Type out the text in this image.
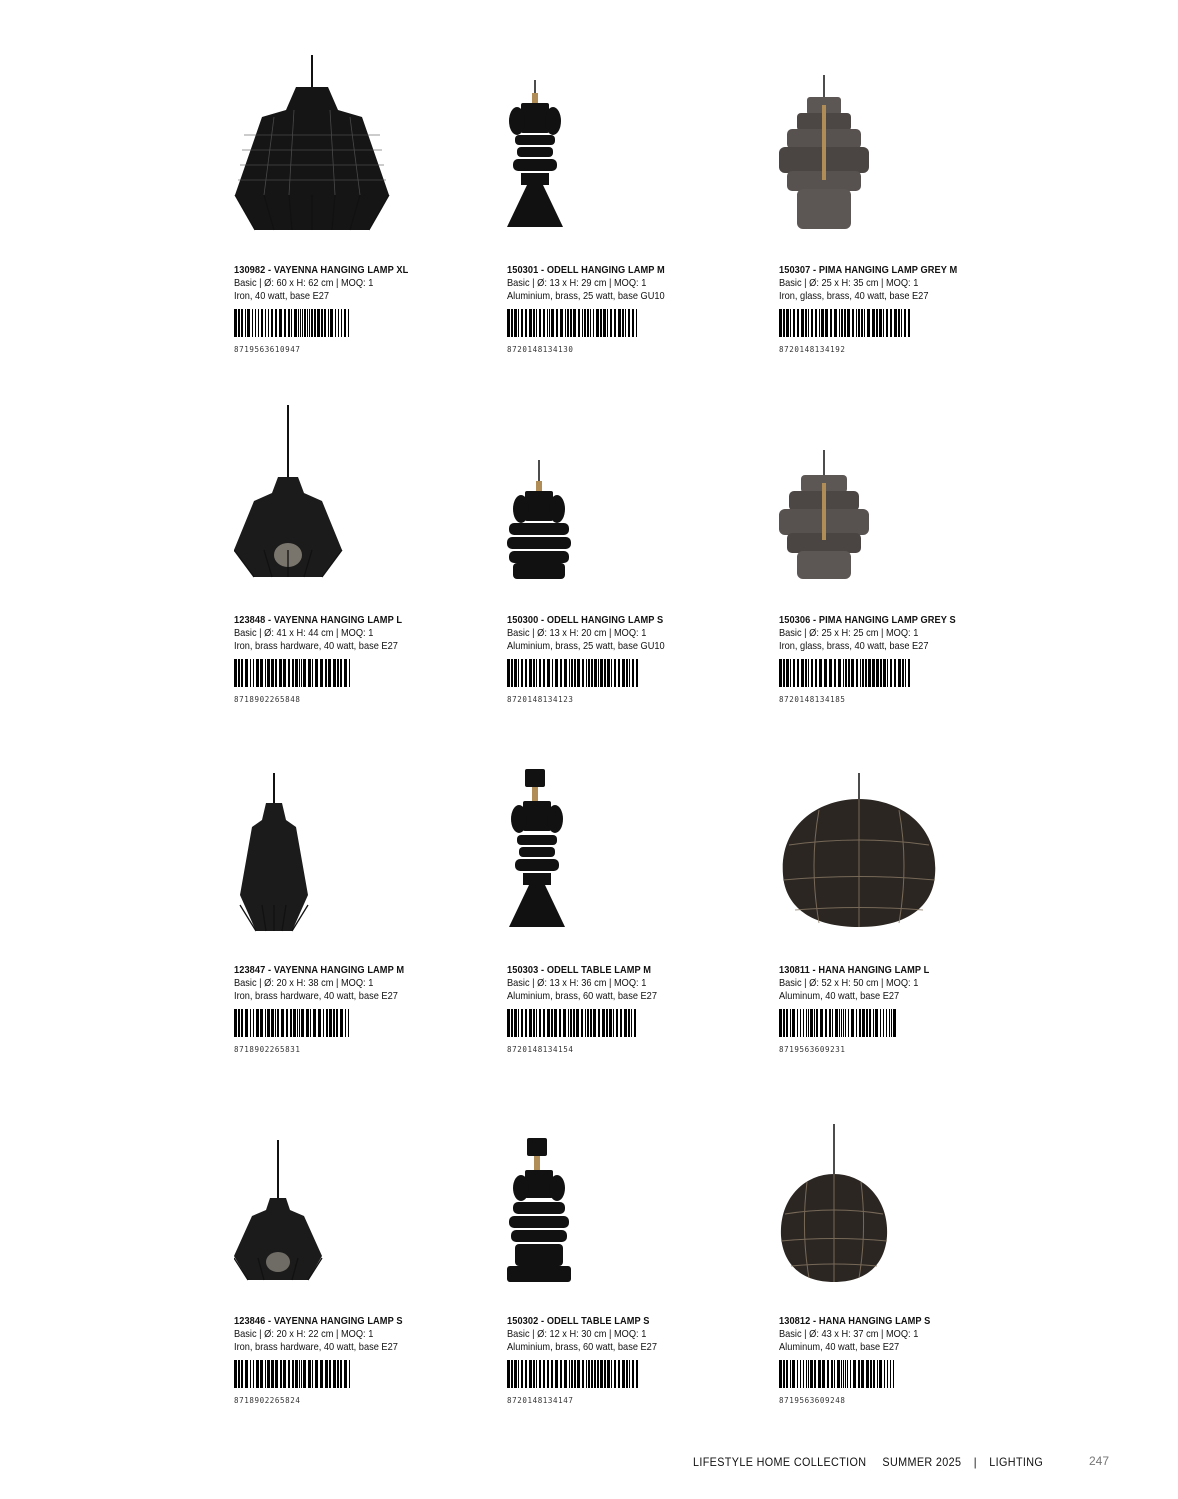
130982 - VAYENNA HANGING LAMP XL
Basic | Ø: 60 x H: 62 cm | MOQ: 1
Iron, 40 watt, base E27
8719563610947
150301 - ODELL HANGING LAMP M
Basic | Ø: 13 x H: 29 cm | MOQ: 1
Aluminium, brass, 25 watt, base GU10
8720148134130
150307 - PIMA HANGING LAMP GREY M
Basic | Ø: 25 x H: 35 cm | MOQ: 1
Iron, glass, brass, 40 watt, base E27
8720148134192
123848 - VAYENNA HANGING LAMP L
Basic | Ø: 41 x H: 44 cm | MOQ: 1
Iron, brass hardware, 40 watt, base E27
8718902265848
150300 - ODELL HANGING LAMP S
Basic | Ø: 13 x H: 20 cm | MOQ: 1
Aluminium, brass, 25 watt, base GU10
8720148134123
150306 - PIMA HANGING LAMP GREY S
Basic | Ø: 25 x H: 25 cm | MOQ: 1
Iron, glass, brass, 40 watt, base E27
8720148134185
123847 - VAYENNA HANGING LAMP M
Basic | Ø: 20 x H: 38 cm | MOQ: 1
Iron, brass hardware, 40 watt, base E27
8718902265831
150303 - ODELL TABLE LAMP M
Basic | Ø: 13 x H: 36 cm | MOQ: 1
Aluminium, brass, 60 watt, base E27
8720148134154
130811 - HANA HANGING LAMP L
Basic | Ø: 52 x H: 50 cm | MOQ: 1
Aluminum, 40 watt, base E27
8719563609231
123846 - VAYENNA HANGING LAMP S
Basic | Ø: 20 x H: 22 cm | MOQ: 1
Iron, brass hardware, 40 watt, base E27
8718902265824
150302 - ODELL TABLE LAMP S
Basic | Ø: 12 x H: 30 cm | MOQ: 1
Aluminium, brass, 60 watt, base E27
8720148134147
130812 - HANA HANGING LAMP S
Basic | Ø: 43 x H: 37 cm | MOQ: 1
Aluminum, 40 watt, base E27
8719563609248
LIFESTYLE HOME COLLECTION SUMMER 2025 | LIGHTING	247
